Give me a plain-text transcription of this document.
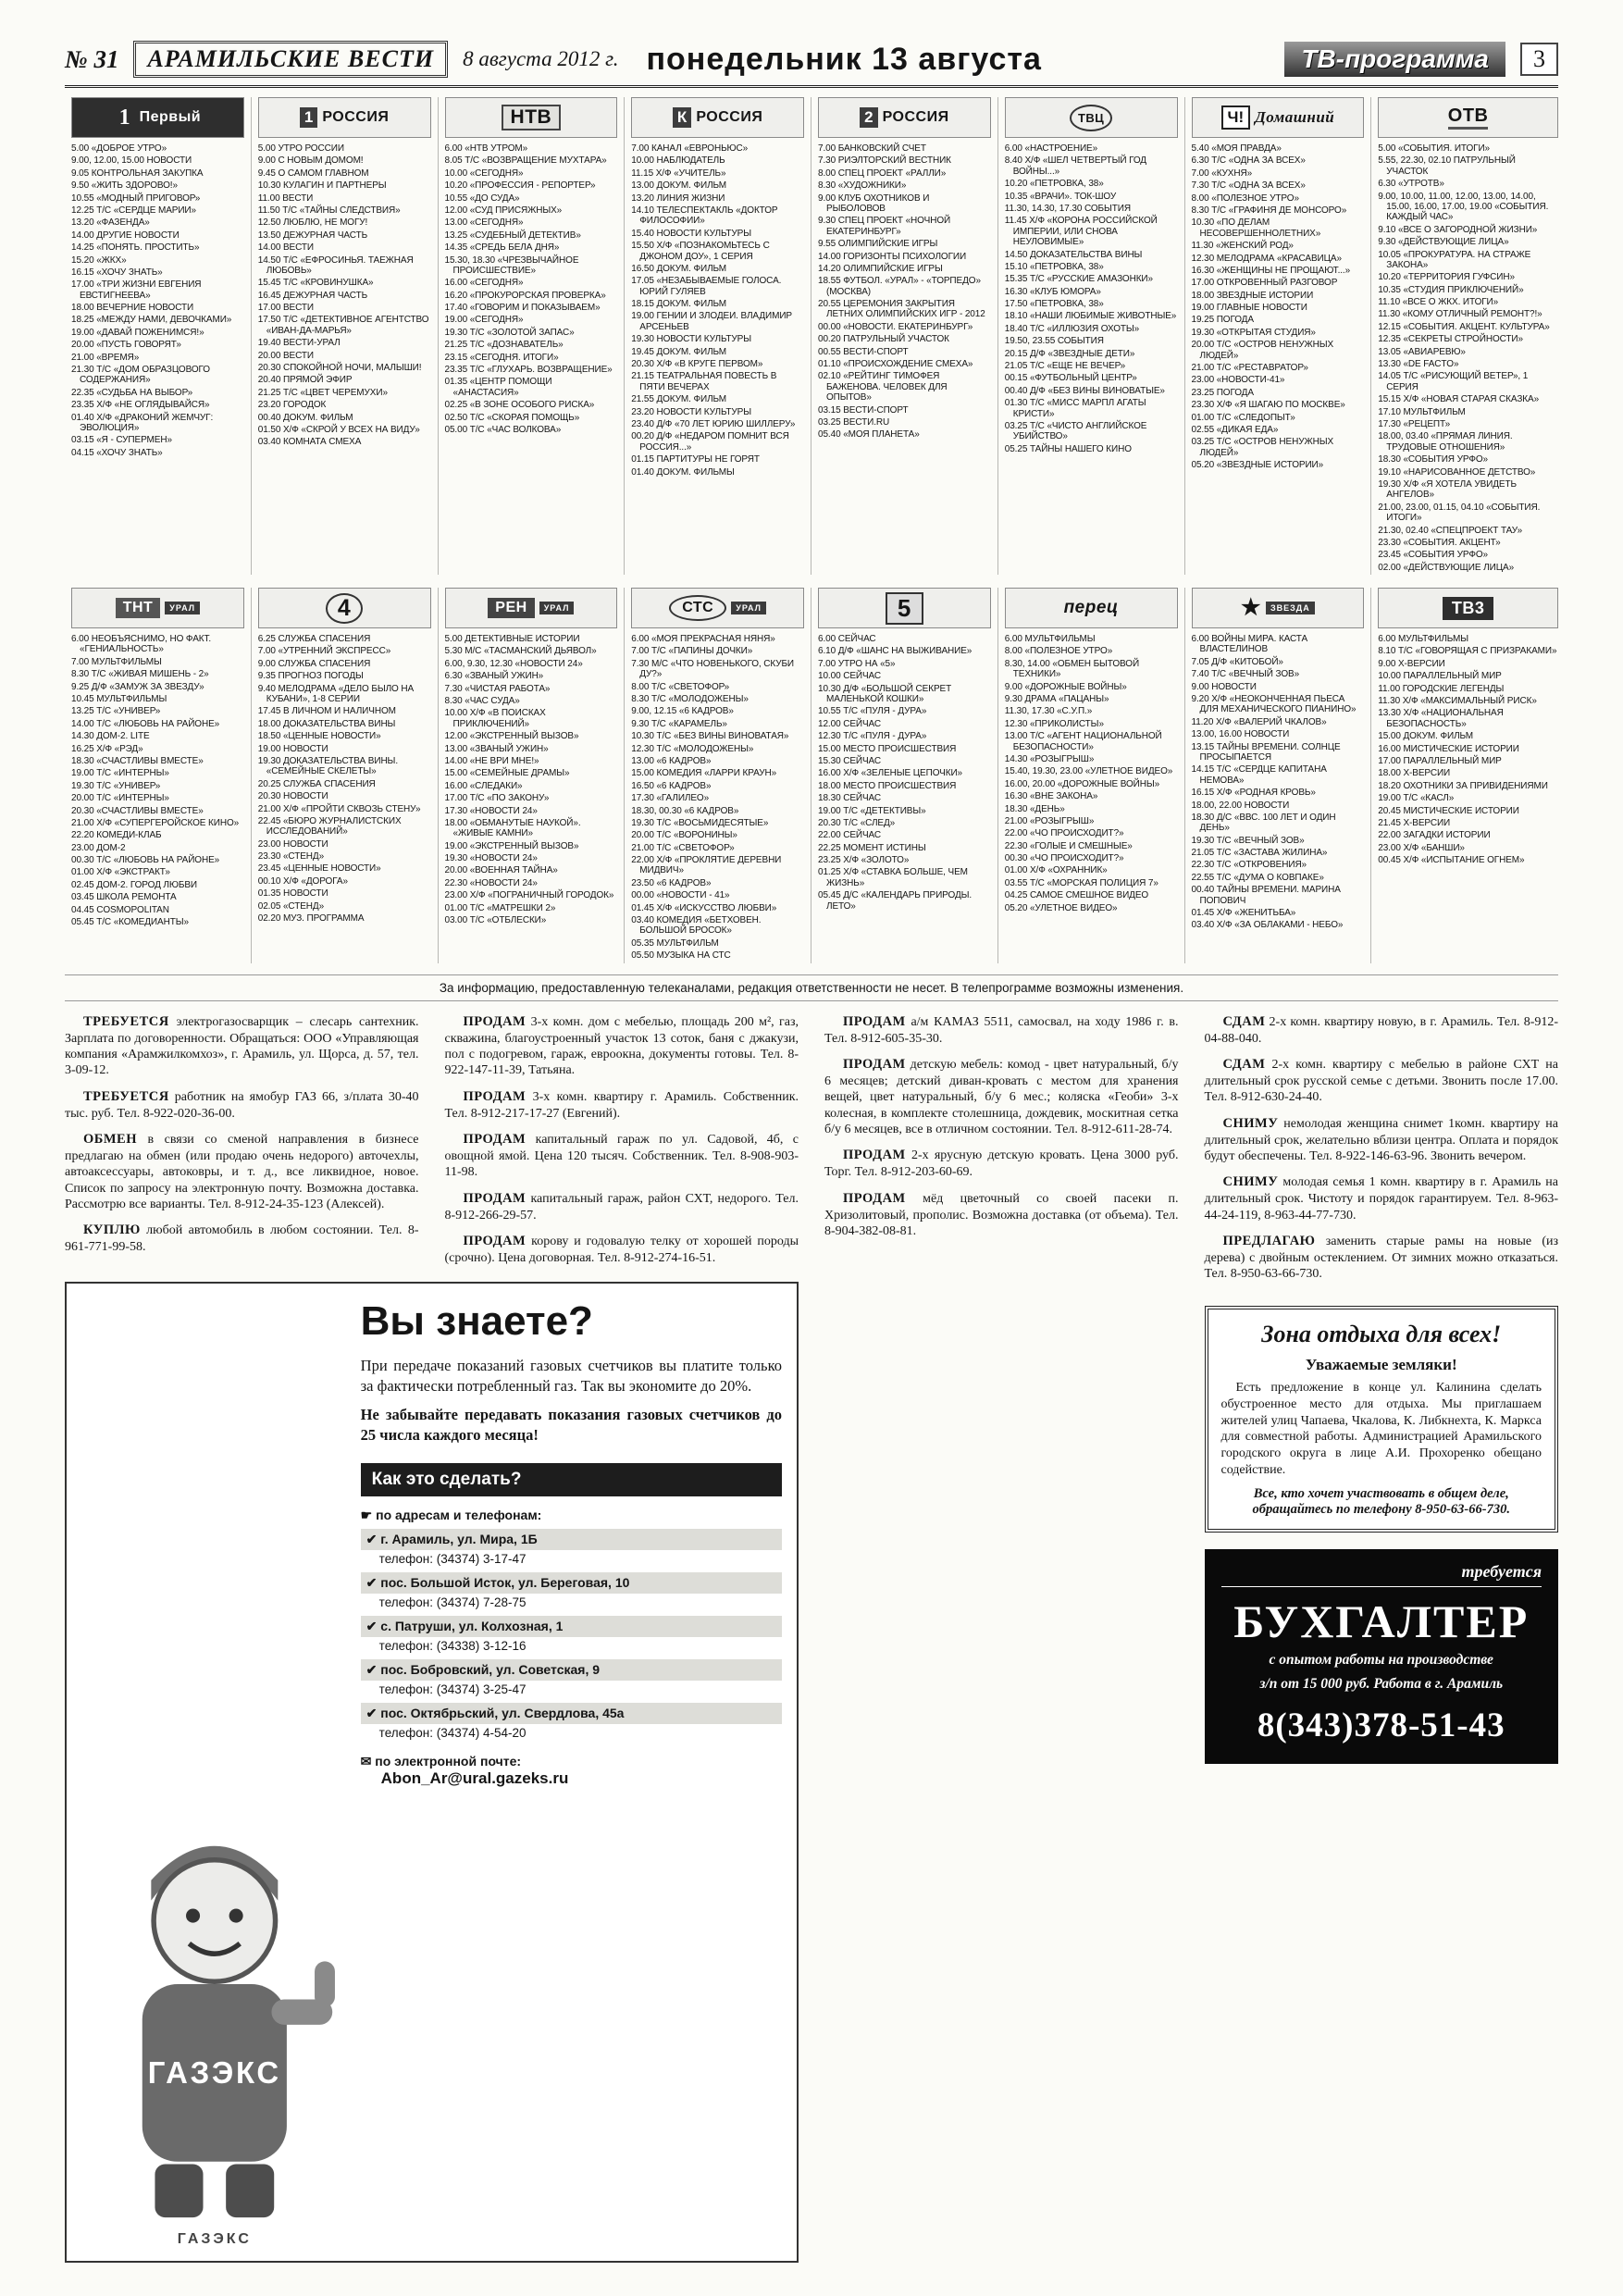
№ 31	АРАМИЛЬСКИЕ ВЕСТИ	8 августа 2012 г. понедельник 13 августа	ТВ-программа	3
1 Первый

5.00 «ДОБРОЕ УТРО»

9.00, 12.00, 15.00 НОВОСТИ

9.05 КОНТРОЛЬНАЯ ЗАКУПКА

9.50 «ЖИТЬ ЗДОРОВО!»

10.55 «МОДНЫЙ ПРИГОВОР»

12.25 Т/С «СЕРДЦЕ МАРИИ»

13.20 «ФАЗЕНДА»

14.00 ДРУГИЕ НОВОСТИ

14.25 «ПОНЯТЬ. ПРОСТИТЬ»

15.20 «ЖКХ»

16.15 «ХОЧУ ЗНАТЬ»

17.00 «ТРИ ЖИЗНИ ЕВГЕНИЯ ЕВСТИГНЕЕВА»

18.00 ВЕЧЕРНИЕ НОВОСТИ

18.25 «МЕЖДУ НАМИ, ДЕВОЧКАМИ»

19.00 «ДАВАЙ ПОЖЕНИМСЯ!»

20.00 «ПУСТЬ ГОВОРЯТ»

21.00 «ВРЕМЯ»

21.30 Т/С «ДОМ ОБРАЗЦОВОГО СОДЕРЖАНИЯ»

22.35 «СУДЬБА НА ВЫБОР»

23.35 Х/Ф «НЕ ОГЛЯДЫВАЙСЯ»

01.40 Х/Ф «ДРАКОНИЙ ЖЕМЧУГ: ЭВОЛЮЦИЯ»

03.15 «Я - СУПЕРМЕН»

04.15 «ХОЧУ ЗНАТЬ»

1 РОССИЯ

5.00 УТРО РОССИИ

9.00 С НОВЫМ ДОМОМ!

9.45 О САМОМ ГЛАВНОМ

10.30 КУЛАГИН И ПАРТНЕРЫ

11.00 ВЕСТИ

11.50 Т/С «ТАЙНЫ СЛЕДСТВИЯ»

12.50 ЛЮБЛЮ, НЕ МОГУ!

13.50 ДЕЖУРНАЯ ЧАСТЬ

14.00 ВЕСТИ

14.50 Т/С «ЕФРОСИНЬЯ. ТАЕЖНАЯ ЛЮБОВЬ»

15.45 Т/С «КРОВИНУШКА»

16.45 ДЕЖУРНАЯ ЧАСТЬ

17.00 ВЕСТИ

17.50 Т/С «ДЕТЕКТИВНОЕ АГЕНТСТВО «ИВАН-ДА-МАРЬЯ»

19.40 ВЕСТИ-УРАЛ

20.00 ВЕСТИ

20.30 СПОКОЙНОЙ НОЧИ, МАЛЫШИ!

20.40 ПРЯМОЙ ЭФИР

21.25 Т/С «ЦВЕТ ЧЕРЕМУХИ»

23.20 ГОРОДОК

00.40 ДОКУМ. ФИЛЬМ

01.50 Х/Ф «СКРОЙ У ВСЕХ НА ВИДУ»

03.40 КОМНАТА СМЕХА

НТВ

6.00 «НТВ УТРОМ»

8.05 Т/С «ВОЗВРАЩЕНИЕ МУХТАРА»

10.00 «СЕГОДНЯ»

10.20 «ПРОФЕССИЯ - РЕПОРТЕР»

10.55 «ДО СУДА»

12.00 «СУД ПРИСЯЖНЫХ»

13.00 «СЕГОДНЯ»

13.25 «СУДЕБНЫЙ ДЕТЕКТИВ»

14.35 «СРЕДЬ БЕЛА ДНЯ»

15.30, 18.30 «ЧРЕЗВЫЧАЙНОЕ ПРОИСШЕСТВИЕ»

16.00 «СЕГОДНЯ»

16.20 «ПРОКУРОРСКАЯ ПРОВЕРКА»

17.40 «ГОВОРИМ И ПОКАЗЫВАЕМ»

19.00 «СЕГОДНЯ»

19.30 Т/С «ЗОЛОТОЙ ЗАПАС»

21.25 Т/С «ДОЗНАВАТЕЛЬ»

23.15 «СЕГОДНЯ. ИТОГИ»

23.35 Т/С «ГЛУХАРЬ. ВОЗВРАЩЕНИЕ»

01.35 «ЦЕНТР ПОМОЩИ «АНАСТАСИЯ»

02.25 «В ЗОНЕ ОСОБОГО РИСКА»

02.50 Т/С «СКОРАЯ ПОМОЩЬ»

05.00 Т/С «ЧАС ВОЛКОВА»

К РОССИЯ

7.00 КАНАЛ «ЕВРОНЬЮС»

10.00 НАБЛЮДАТЕЛЬ

11.15 Х/Ф «УЧИТЕЛЬ»

13.00 ДОКУМ. ФИЛЬМ

13.20 ЛИНИЯ ЖИЗНИ

14.10 ТЕЛЕСПЕКТАКЛЬ «ДОКТОР ФИЛОСОФИИ»

15.40 НОВОСТИ КУЛЬТУРЫ

15.50 Х/Ф «ПОЗНАКОМЬТЕСЬ С ДЖОНОМ ДОУ», 1 СЕРИЯ

16.50 ДОКУМ. ФИЛЬМ

17.05 «НЕЗАБЫВАЕМЫЕ ГОЛОСА. ЮРИЙ ГУЛЯЕВ

18.15 ДОКУМ. ФИЛЬМ

19.00 ГЕНИИ И ЗЛОДЕИ. ВЛАДИМИР АРСЕНЬЕВ

19.30 НОВОСТИ КУЛЬТУРЫ

19.45 ДОКУМ. ФИЛЬМ

20.30 Х/Ф «В КРУГЕ ПЕРВОМ»

21.15 ТЕАТРАЛЬНАЯ ПОВЕСТЬ В ПЯТИ ВЕЧЕРАХ

21.55 ДОКУМ. ФИЛЬМ

23.20 НОВОСТИ КУЛЬТУРЫ

23.40 Д/Ф «70 ЛЕТ ЮРИЮ ШИЛЛЕРУ»

00.20 Д/Ф «НЕДАРОМ ПОМНИТ ВСЯ РОССИЯ...»

01.15 ПАРТИТУРЫ НЕ ГОРЯТ

01.40 ДОКУМ. ФИЛЬМЫ

2 РОССИЯ

7.00 БАНКОВСКИЙ СЧЕТ

7.30 РИЭЛТОРСКИЙ ВЕСТНИК

8.00 СПЕЦ ПРОЕКТ «РАЛЛИ»

8.30 «ХУДОЖНИКИ»

9.00 КЛУБ ОХОТНИКОВ И РЫБОЛОВОВ

9.30 СПЕЦ ПРОЕКТ «НОЧНОЙ ЕКАТЕРИНБУРГ»

9.55 ОЛИМПИЙСКИЕ ИГРЫ

14.00 ГОРИЗОНТЫ ПСИХОЛОГИИ

14.20 ОЛИМПИЙСКИЕ ИГРЫ

18.55 ФУТБОЛ. «УРАЛ» - «ТОРПЕДО» (МОСКВА)

20.55 ЦЕРЕМОНИЯ ЗАКРЫТИЯ ЛЕТНИХ ОЛИМПИЙСКИХ ИГР - 2012

00.00 «НОВОСТИ. ЕКАТЕРИНБУРГ»

00.20 ПАТРУЛЬНЫЙ УЧАСТОК

00.55 ВЕСТИ-СПОРТ

01.10 «ПРОИСХОЖДЕНИЕ СМЕХА»

02.10 «РЕЙТИНГ ТИМОФЕЯ БАЖЕНОВА. ЧЕЛОВЕК ДЛЯ ОПЫТОВ»

03.15 ВЕСТИ-СПОРТ

03.25 ВЕСТИ.RU

05.40 «МОЯ ПЛАНЕТА»

ТВЦ

6.00 «НАСТРОЕНИЕ»

8.40 Х/Ф «ШЕЛ ЧЕТВЕРТЫЙ ГОД ВОЙНЫ...»

10.20 «ПЕТРОВКА, 38»

10.35 «ВРАЧИ». ТОК-ШОУ

11.30, 14.30, 17.30 СОБЫТИЯ

11.45 Х/Ф «КОРОНА РОССИЙСКОЙ ИМПЕРИИ, ИЛИ СНОВА НЕУЛОВИМЫЕ»

14.50 ДОКАЗАТЕЛЬСТВА ВИНЫ

15.10 «ПЕТРОВКА, 38»

15.35 Т/С «РУССКИЕ АМАЗОНКИ»

16.30 «КЛУБ ЮМОРА»

17.50 «ПЕТРОВКА, 38»

18.10 «НАШИ ЛЮБИМЫЕ ЖИВОТНЫЕ»

18.40 Т/С «ИЛЛЮЗИЯ ОХОТЫ»

19.50, 23.55 СОБЫТИЯ

20.15 Д/Ф «ЗВЕЗДНЫЕ ДЕТИ»

21.05 Т/С «ЕЩЕ НЕ ВЕЧЕР»

00.15 «ФУТБОЛЬНЫЙ ЦЕНТР»

00.40 Д/Ф «БЕЗ ВИНЫ ВИНОВАТЫЕ»

01.30 Т/С «МИСС МАРПЛ АГАТЫ КРИСТИ»

03.25 Т/С «ЧИСТО АНГЛИЙСКОЕ УБИЙСТВО»

05.25 ТАЙНЫ НАШЕГО КИНО

Ч! Домашний

5.40 «МОЯ ПРАВДА»

6.30 Т/С «ОДНА ЗА ВСЕХ»

7.00 «КУХНЯ»

7.30 Т/С «ОДНА ЗА ВСЕХ»

8.00 «ПОЛЕЗНОЕ УТРО»

8.30 Т/С «ГРАФИНЯ ДЕ МОНСОРО»

10.30 «ПО ДЕЛАМ НЕСОВЕРШЕННОЛЕТНИХ»

11.30 «ЖЕНСКИЙ РОД»

12.30 МЕЛОДРАМА «КРАСАВИЦА»

16.30 «ЖЕНЩИНЫ НЕ ПРОЩАЮТ...»

17.00 ОТКРОВЕННЫЙ РАЗГОВОР

18.00 ЗВЕЗДНЫЕ ИСТОРИИ

19.00 ГЛАВНЫЕ НОВОСТИ

19.25 ПОГОДА

19.30 «ОТКРЫТАЯ СТУДИЯ»

20.00 Т/С «ОСТРОВ НЕНУЖНЫХ ЛЮДЕЙ»

21.00 Т/С «РЕСТАВРАТОР»

23.00 «НОВОСТИ-41»

23.25 ПОГОДА

23.30 Х/Ф «Я ШАГАЮ ПО МОСКВЕ»

01.00 Т/С «СЛЕДОПЫТ»

02.55 «ДИКАЯ ЕДА»

03.25 Т/С «ОСТРОВ НЕНУЖНЫХ ЛЮДЕЙ»

05.20 «ЗВЕЗДНЫЕ ИСТОРИИ»

ОТВ

5.00 «СОБЫТИЯ. ИТОГИ»

5.55, 22.30, 02.10 ПАТРУЛЬНЫЙ УЧАСТОК

6.30 «УТРОТВ»

9.00, 10.00, 11.00, 12.00, 13.00, 14.00, 15.00, 16.00, 17.00, 19.00 «СОБЫТИЯ. КАЖДЫЙ ЧАС»

9.10 «ВСЕ О ЗАГОРОДНОЙ ЖИЗНИ»

9.30 «ДЕЙСТВУЮЩИЕ ЛИЦА»

10.05 «ПРОКУРАТУРА. НА СТРАЖЕ ЗАКОНА»

10.20 «ТЕРРИТОРИЯ ГУФСИН»

10.35 «СТУДИЯ ПРИКЛЮЧЕНИЙ»

11.10 «ВСЕ О ЖКХ. ИТОГИ»

11.30 «КОМУ ОТЛИЧНЫЙ РЕМОНТ?!»

12.15 «СОБЫТИЯ. АКЦЕНТ. КУЛЬТУРА»

12.35 «СЕКРЕТЫ СТРОЙНОСТИ»

13.05 «АВИАРЕВЮ»

13.30 «DE FACTO»

14.05 Т/С «РИСУЮЩИЙ ВЕТЕР», 1 СЕРИЯ

15.15 Х/Ф «НОВАЯ СТАРАЯ СКАЗКА»

17.10 МУЛЬТФИЛЬМ

17.30 «РЕЦЕПТ»

18.00, 03.40 «ПРЯМАЯ ЛИНИЯ. ТРУДОВЫЕ ОТНОШЕНИЯ»

18.30 «СОБЫТИЯ УРФО»

19.10 «НАРИСОВАННОЕ ДЕТСТВО»

19.30 Х/Ф «Я ХОТЕЛА УВИДЕТЬ АНГЕЛОВ»

21.00, 23.00, 01.15, 04.10 «СОБЫТИЯ. ИТОГИ»

21.30, 02.40 «СПЕЦПРОЕКТ ТАУ»

23.30 «СОБЫТИЯ. АКЦЕНТ»

23.45 «СОБЫТИЯ УРФО»

02.00 «ДЕЙСТВУЮЩИЕ ЛИЦА»

ТНТ	УРАЛ

6.00 НЕОБЪЯСНИМО, НО ФАКТ. «ГЕНИАЛЬНОСТЬ»

7.00 МУЛЬТФИЛЬМЫ

8.30 Т/С «ЖИВАЯ МИШЕНЬ - 2»

9.25 Д/Ф «ЗАМУЖ ЗА ЗВЕЗДУ»

10.45 МУЛЬТФИЛЬМЫ

13.25 Т/С «УНИВЕР»

14.00 Т/С «ЛЮБОВЬ НА РАЙОНЕ»

14.30 ДОМ-2. LITE

16.25 Х/Ф «РЭД»

18.30 «СЧАСТЛИВЫ ВМЕСТЕ»

19.00 Т/С «ИНТЕРНЫ»

19.30 Т/С «УНИВЕР»

20.00 Т/С «ИНТЕРНЫ»

20.30 «СЧАСТЛИВЫ ВМЕСТЕ»

21.00 Х/Ф «СУПЕРГЕРОЙСКОЕ КИНО»

22.20 КОМЕДИ-КЛАБ

23.00 ДОМ-2

00.30 Т/С «ЛЮБОВЬ НА РАЙОНЕ»

01.00 Х/Ф «ЭКСТРАКТ»

02.45 ДОМ-2. ГОРОД ЛЮБВИ

03.45 ШКОЛА РЕМОНТА

04.45 COSMOPOLITAN

05.45 Т/С «КОМЕДИАНТЫ»

4

6.25 СЛУЖБА СПАСЕНИЯ

7.00 «УТРЕННИЙ ЭКСПРЕСС»

9.00 СЛУЖБА СПАСЕНИЯ

9.35 ПРОГНОЗ ПОГОДЫ

9.40 МЕЛОДРАМА «ДЕЛО БЫЛО НА КУБАНИ», 1-8 СЕРИИ

17.45 В ЛИЧНОМ И НАЛИЧНОМ

18.00 ДОКАЗАТЕЛЬСТВА ВИНЫ

18.50 «ЦЕННЫЕ НОВОСТИ»

19.00 НОВОСТИ

19.30 ДОКАЗАТЕЛЬСТВА ВИНЫ. «СЕМЕЙНЫЕ СКЕЛЕТЫ»

20.25 СЛУЖБА СПАСЕНИЯ

20.30 НОВОСТИ

21.00 Х/Ф «ПРОЙТИ СКВОЗЬ СТЕНУ»

22.45 «БЮРО ЖУРНАЛИСТСКИХ ИССЛЕДОВАНИЙ»

23.00 НОВОСТИ

23.30 «СТЕНД»

23.45 «ЦЕННЫЕ НОВОСТИ»

00.10 Х/Ф «ДОРОГА»

01.35 НОВОСТИ

02.05 «СТЕНД»

02.20 МУЗ. ПРОГРАММА

РЕН	УРАЛ

5.00 ДЕТЕКТИВНЫЕ ИСТОРИИ

5.30 М/С «ТАСМАНСКИЙ ДЬЯВОЛ»

6.00, 9.30, 12.30 «НОВОСТИ 24»

6.30 «ЗВАНЫЙ УЖИН»

7.30 «ЧИСТАЯ РАБОТА»

8.30 «ЧАС СУДА»

10.00 Х/Ф «В ПОИСКАХ ПРИКЛЮЧЕНИЙ»

12.00 «ЭКСТРЕННЫЙ ВЫЗОВ»

13.00 «ЗВАНЫЙ УЖИН»

14.00 «НЕ ВРИ МНЕ!»

15.00 «СЕМЕЙНЫЕ ДРАМЫ»

16.00 «СЛЕДАКИ»

17.00 Т/С «ПО ЗАКОНУ»

17.30 «НОВОСТИ 24»

18.00 «ОБМАНУТЫЕ НАУКОЙ». «ЖИВЫЕ КАМНИ»

19.00 «ЭКСТРЕННЫЙ ВЫЗОВ»

19.30 «НОВОСТИ 24»

20.00 «ВОЕННАЯ ТАЙНА»

22.30 «НОВОСТИ 24»

23.00 Х/Ф «ПОГРАНИЧНЫЙ ГОРОДОК»

01.00 Т/С «МАТРЕШКИ 2»

03.00 Т/С «ОТБЛЕСКИ»

СТС	УРАЛ

6.00 «МОЯ ПРЕКРАСНАЯ НЯНЯ»

7.00 Т/С «ПАПИНЫ ДОЧКИ»

7.30 М/С «ЧТО НОВЕНЬКОГО, СКУБИ ДУ?»

8.00 Т/С «СВЕТОФОР»

8.30 Т/С «МОЛОДОЖЕНЫ»

9.00, 12.15 «6 КАДРОВ»

9.30 Т/С «КАРАМЕЛЬ»

10.30 Т/С «БЕЗ ВИНЫ ВИНОВАТАЯ»

12.30 Т/С «МОЛОДОЖЕНЫ»

13.00 «6 КАДРОВ»

15.00 КОМЕДИЯ «ЛАРРИ КРАУН»

16.50 «6 КАДРОВ»

17.30 «ГАЛИЛЕО»

18.30, 00.30 «6 КАДРОВ»

19.30 Т/С «ВОСЬМИДЕСЯТЫЕ»

20.00 Т/С «ВОРОНИНЫ»

21.00 Т/С «СВЕТОФОР»

22.00 Х/Ф «ПРОКЛЯТИЕ ДЕРЕВНИ МИДВИЧ»

23.50 «6 КАДРОВ»

00.00 «НОВОСТИ - 41»

01.45 Х/Ф «ИСКУССТВО ЛЮБВИ»

03.40 КОМЕДИЯ «БЕТХОВЕН. БОЛЬШОЙ БРОСОК»

05.35 МУЛЬТФИЛЬМ

05.50 МУЗЫКА НА СТС

5

6.00 СЕЙЧАС

6.10 Д/Ф «ШАНС НА ВЫЖИВАНИЕ»

7.00 УТРО НА «5»

10.00 СЕЙЧАС

10.30 Д/Ф «БОЛЬШОЙ СЕКРЕТ МАЛЕНЬКОЙ КОШКИ»

10.55 Т/С «ПУЛЯ - ДУРА»

12.00 СЕЙЧАС

12.30 Т/С «ПУЛЯ - ДУРА»

15.00 МЕСТО ПРОИСШЕСТВИЯ

15.30 СЕЙЧАС

16.00 Х/Ф «ЗЕЛЕНЫЕ ЦЕПОЧКИ»

18.00 МЕСТО ПРОИСШЕСТВИЯ

18.30 СЕЙЧАС

19.00 Т/С «ДЕТЕКТИВЫ»

20.30 Т/С «СЛЕД»

22.00 СЕЙЧАС

22.25 МОМЕНТ ИСТИНЫ

23.25 Х/Ф «ЗОЛОТО»

01.25 Х/Ф «СТАВКА БОЛЬШЕ, ЧЕМ ЖИЗНЬ»

05.45 Д/С «КАЛЕНДАРЬ ПРИРОДЫ. ЛЕТО»

перец

6.00 МУЛЬТФИЛЬМЫ

8.00 «ПОЛЕЗНОЕ УТРО»

8.30, 14.00 «ОБМЕН БЫТОВОЙ ТЕХНИКИ»

9.00 «ДОРОЖНЫЕ ВОЙНЫ»

9.30 ДРАМА «ПАЦАНЫ»

11.30, 17.30 «С.У.П.»

12.30 «ПРИКОЛИСТЫ»

13.00 Т/С «АГЕНТ НАЦИОНАЛЬНОЙ БЕЗОПАСНОСТИ»

14.30 «РОЗЫГРЫШ»

15.40, 19.30, 23.00 «УЛЕТНОЕ ВИДЕО»

16.00, 20.00 «ДОРОЖНЫЕ ВОЙНЫ»

16.30 «ВНЕ ЗАКОНА»

18.30 «ДЕНЬ»

21.00 «РОЗЫГРЫШ»

22.00 «ЧО ПРОИСХОДИТ?»

22.30 «ГОЛЫЕ И СМЕШНЫЕ»

00.30 «ЧО ПРОИСХОДИТ?»

01.00 Х/Ф «ОХРАННИК»

03.55 Т/С «МОРСКАЯ ПОЛИЦИЯ 7»

04.25 САМОЕ СМЕШНОЕ ВИДЕО

05.20 «УЛЕТНОЕ ВИДЕО»

★	ЗВЕЗДА

6.00 ВОЙНЫ МИРА. КАСТА ВЛАСТЕЛИНОВ

7.05 Д/Ф «КИТОБОЙ»

7.40 Т/С «ВЕЧНЫЙ ЗОВ»

9.00 НОВОСТИ

9.20 Х/Ф «НЕОКОНЧЕННАЯ ПЬЕСА ДЛЯ МЕХАНИЧЕСКОГО ПИАНИНО»

11.20 Х/Ф «ВАЛЕРИЙ ЧКАЛОВ»

13.00, 16.00 НОВОСТИ

13.15 ТАЙНЫ ВРЕМЕНИ. СОЛНЦЕ ПРОСЫПАЕТСЯ

14.15 Т/С «СЕРДЦЕ КАПИТАНА НЕМОВА»

16.15 Х/Ф «РОДНАЯ КРОВЬ»

18.00, 22.00 НОВОСТИ

18.30 Д/С «ВВС. 100 ЛЕТ И ОДИН ДЕНЬ»

19.30 Т/С «ВЕЧНЫЙ ЗОВ»

21.05 Т/С «ЗАСТАВА ЖИЛИНА»

22.30 Т/С «ОТКРОВЕНИЯ»

22.55 Т/С «ДУМА О КОВПАКЕ»

00.40 ТАЙНЫ ВРЕМЕНИ. МАРИНА ПОПОВИЧ

01.45 Х/Ф «ЖЕНИТЬБА»

03.40 Х/Ф «ЗА ОБЛАКАМИ - НЕБО»

ТВ3

6.00 МУЛЬТФИЛЬМЫ

8.10 Т/С «ГОВОРЯЩАЯ С ПРИЗРАКАМИ»

9.00 Х-ВЕРСИИ

10.00 ПАРАЛЛЕЛЬНЫЙ МИР

11.00 ГОРОДСКИЕ ЛЕГЕНДЫ

11.30 Х/Ф «МАКСИМАЛЬНЫЙ РИСК»

13.30 Х/Ф «НАЦИОНАЛЬНАЯ БЕЗОПАСНОСТЬ»

15.00 ДОКУМ. ФИЛЬМ

16.00 МИСТИЧЕСКИЕ ИСТОРИИ

17.00 ПАРАЛЛЕЛЬНЫЙ МИР

18.00 Х-ВЕРСИИ

18.20 ОХОТНИКИ ЗА ПРИВИДЕНИЯМИ

19.00 Т/С «КАСЛ»

20.45 МИСТИЧЕСКИЕ ИСТОРИИ

21.45 Х-ВЕРСИИ

22.00 ЗАГАДКИ ИСТОРИИ

23.00 Х/Ф «БАНШИ»

00.45 Х/Ф «ИСПЫТАНИЕ ОГНЕМ»

За информацию, предоставленную телеканалами, редакция ответственности не несет. В телепрограмме возможны изменения.

ТРЕБУЕТСЯ электрогазосварщик – слесарь сантехник. Зарплата по договоренности. Обращаться: ООО «Управляющая компания «Арамжилкомхоз», г. Арамиль, ул. Щорса, д. 57, тел. 3-09-12.

ТРЕБУЕТСЯ работник на ямобур ГАЗ 66, з/плата 30-40 тыс. руб. Тел. 8-922-020-36-00.

ОБМЕН в связи со сменой направления в бизнесе предлагаю на обмен (или продаю очень недорого) авточехлы, автоаксессуары, автоковры, и т. д., все ликвидное, новое. Список по запросу на электронную почту. Возможна доставка. Рассмотрю все варианты. Тел. 8-912-24-35-123 (Алексей).

КУПЛЮ любой автомобиль в любом состоянии. Тел. 8-961-771-99-58.

ПРОДАМ 3-х комн. дом с мебелью, площадь 200 м², газ, скважина, благоустроенный участок 13 соток, баня с джакузи, пол с подогревом, гараж, евроокна, документы готовы. Тел. 8-922-147-11-39, Татьяна.

ПРОДАМ 3-х комн. квартиру г. Арамиль. Собственник. Тел. 8-912-217-17-27 (Евгений).

ПРОДАМ капитальный гараж по ул. Садовой, 4б, с овощной ямой. Цена 120 тысяч. Собственник. Тел. 8-908-903-11-98.

ПРОДАМ капитальный гараж, район СХТ, недорого. Тел. 8-912-266-29-57.

ПРОДАМ корову и годовалую телку от хорошей породы (срочно). Цена договорная. Тел. 8-912-274-16-51.

ПРОДАМ а/м КАМАЗ 5511, самосвал, на ходу 1986 г. в. Тел. 8-912-605-35-30.

ПРОДАМ детскую мебель: комод - цвет натуральный, б/у 6 месяцев; детский диван-кровать с местом для хранения вещей, цвет натуральный, б/у 6 мес.; коляска «Геоби» 3-х колесная, в комплекте столешница, дождевик, москитная сетка б/у 6 месяцев, все в отличном состоянии. Тел. 8-912-611-28-74.

ПРОДАМ 2-х ярусную детскую кровать. Цена 3000 руб. Торг. Тел. 8-912-203-60-69.

ПРОДАМ мёд цветочный со своей пасеки п. Хризолитовый, прополис. Возможна доставка (от объема). Тел. 8-904-382-08-81.

СДАМ 2-х комн. квартиру новую, в г. Арамиль. Тел. 8-912-04-88-040.

СДАМ 2-х комн. квартиру с мебелью в районе СХТ на длительный срок русской семье с детьми. Звонить после 17.00. Тел. 8-912-630-24-40.

СНИМУ немолодая женщина снимет 1комн. квартиру на длительный срок, желательно вблизи центра. Оплата и порядок будут обеспечены. Тел. 8-922-146-63-96. Звонить вечером.

СНИМУ молодая семья 1 комн. квартиру в г. Арамиль на длительный срок. Чистоту и порядок гарантируем. Тел. 8-963-44-24-119, 8-963-44-77-730.

ПРЕДЛАГАЮ заменить старые рамы на новые (из дерева) с двойным остеклением. От зимних можно отказаться. Тел. 8-950-63-66-730.

Зона отдыха для всех!
Уважаемые земляки!

Есть предложение в конце ул. Калинина сделать обустроенное место для отдыха. Мы приглашаем жителей улиц Чапаева, Чкалова, К. Либкнехта, К. Маркса для совместной работы. Администрацией Арамильского городского округа в лице А.И. Прохоренко обещано содействие.

Все, кто хочет участвовать в общем деле, обращайтесь по телефону 8-950-63-66-730.
требуется
БУХГАЛТЕР
с опытом работы на производстве
з/п от 15 000 руб. Работа в г. Арамиль
8(343)378-51-43
ГАЗЭКС
ГАЗЭКС
Вы знаете?

При передаче показаний газовых счетчиков вы платите только за фактически потребленный газ. Так вы экономите до 20%.

Не забывайте передавать показания газовых счетчиков до 25 числа каждого месяца!

Как это сделать?
☛ по адресам и телефонам:
✔ г. Арамиль, ул. Мира, 1Б
телефон: (34374) 3-17-47
✔ пос. Большой Исток, ул. Береговая, 10
телефон: (34374) 7-28-75
✔ с. Патруши, ул. Колхозная, 1
телефон: (34338) 3-12-16
✔ пос. Бобровский, ул. Советская, 9
телефон: (34374) 3-25-47
✔ пос. Октябрьский, ул. Свердлова, 45а
телефон: (34374) 4-54-20
✉ по электронной почте:
Abon_Ar@ural.gazeks.ru
